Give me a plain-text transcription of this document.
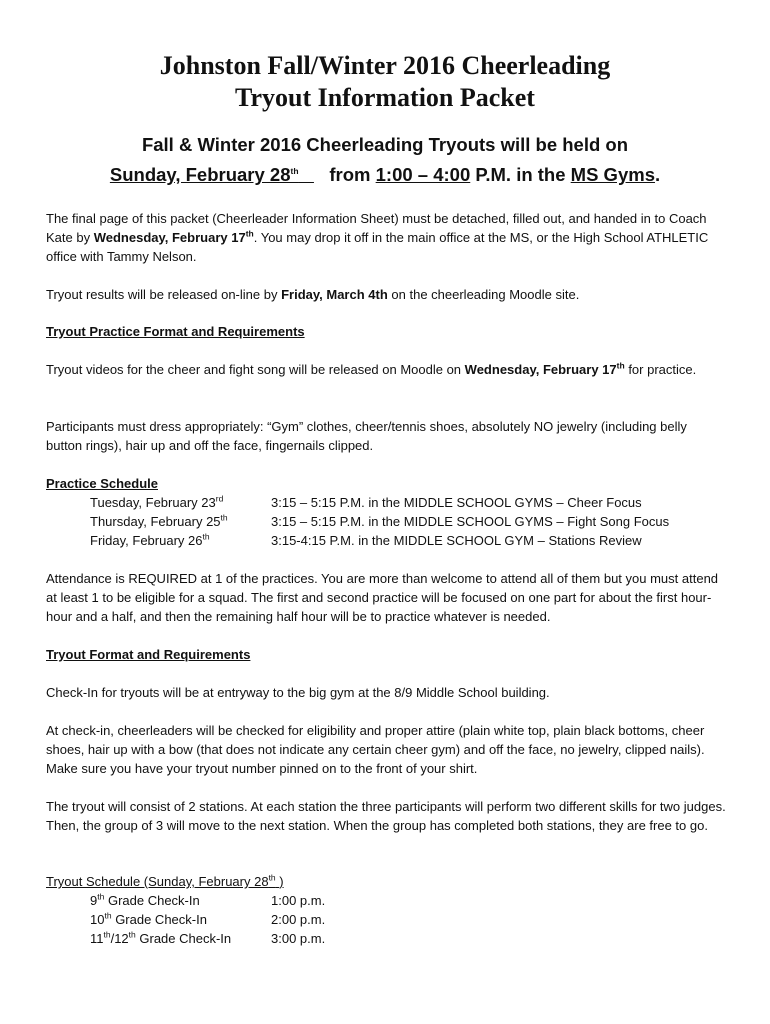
Johnston Fall/Winter 2016 Cheerleading
Tryout Information Packet
Fall & Winter 2016 Cheerleading Tryouts will be held on
Sunday, February 28th from 1:00 – 4:00 P.M. in the MS Gyms.
The final page of this packet (Cheerleader Information Sheet) must be detached, filled out, and handed in to Coach Kate by Wednesday, February 17th. You may drop it off in the main office at the MS, or the High School ATHLETIC office with Tammy Nelson.
Tryout results will be released on-line by Friday, March 4th on the cheerleading Moodle site.
Tryout Practice Format and Requirements
Tryout videos for the cheer and fight song will be released on Moodle on Wednesday, February 17th for practice.
Participants must dress appropriately: “Gym” clothes, cheer/tennis shoes, absolutely NO jewelry (including belly button rings), hair up and off the face, fingernails clipped.
Practice Schedule
Tuesday, February 23rd	3:15 – 5:15 P.M. in the MIDDLE SCHOOL GYMS – Cheer Focus
Thursday, February 25th	3:15 – 5:15 P.M. in the MIDDLE SCHOOL GYMS – Fight Song Focus
Friday, February 26th	3:15-4:15 P.M. in the MIDDLE SCHOOL GYM – Stations Review
Attendance is REQUIRED at 1 of the practices. You are more than welcome to attend all of them but you must attend at least 1 to be eligible for a squad. The first and second practice will be focused on one part for about the first hour-hour and a half, and then the remaining half hour will be to practice whatever is needed.
Tryout Format and Requirements
Check-In for tryouts will be at entryway to the big gym at the 8/9 Middle School building.
At check-in, cheerleaders will be checked for eligibility and proper attire (plain white top, plain black bottoms, cheer shoes, hair up with a bow (that does not indicate any certain cheer gym) and off the face, no jewelry, clipped nails). Make sure you have your tryout number pinned on to the front of your shirt.
The tryout will consist of 2 stations. At each station the three participants will perform two different skills for two judges. Then, the group of 3 will move to the next station. When the group has completed both stations, they are free to go.
Tryout Schedule (Sunday, February 28th )
9th Grade Check-In	1:00 p.m.
10th Grade Check-In	2:00 p.m.
11th/12th Grade Check-In	3:00 p.m.
